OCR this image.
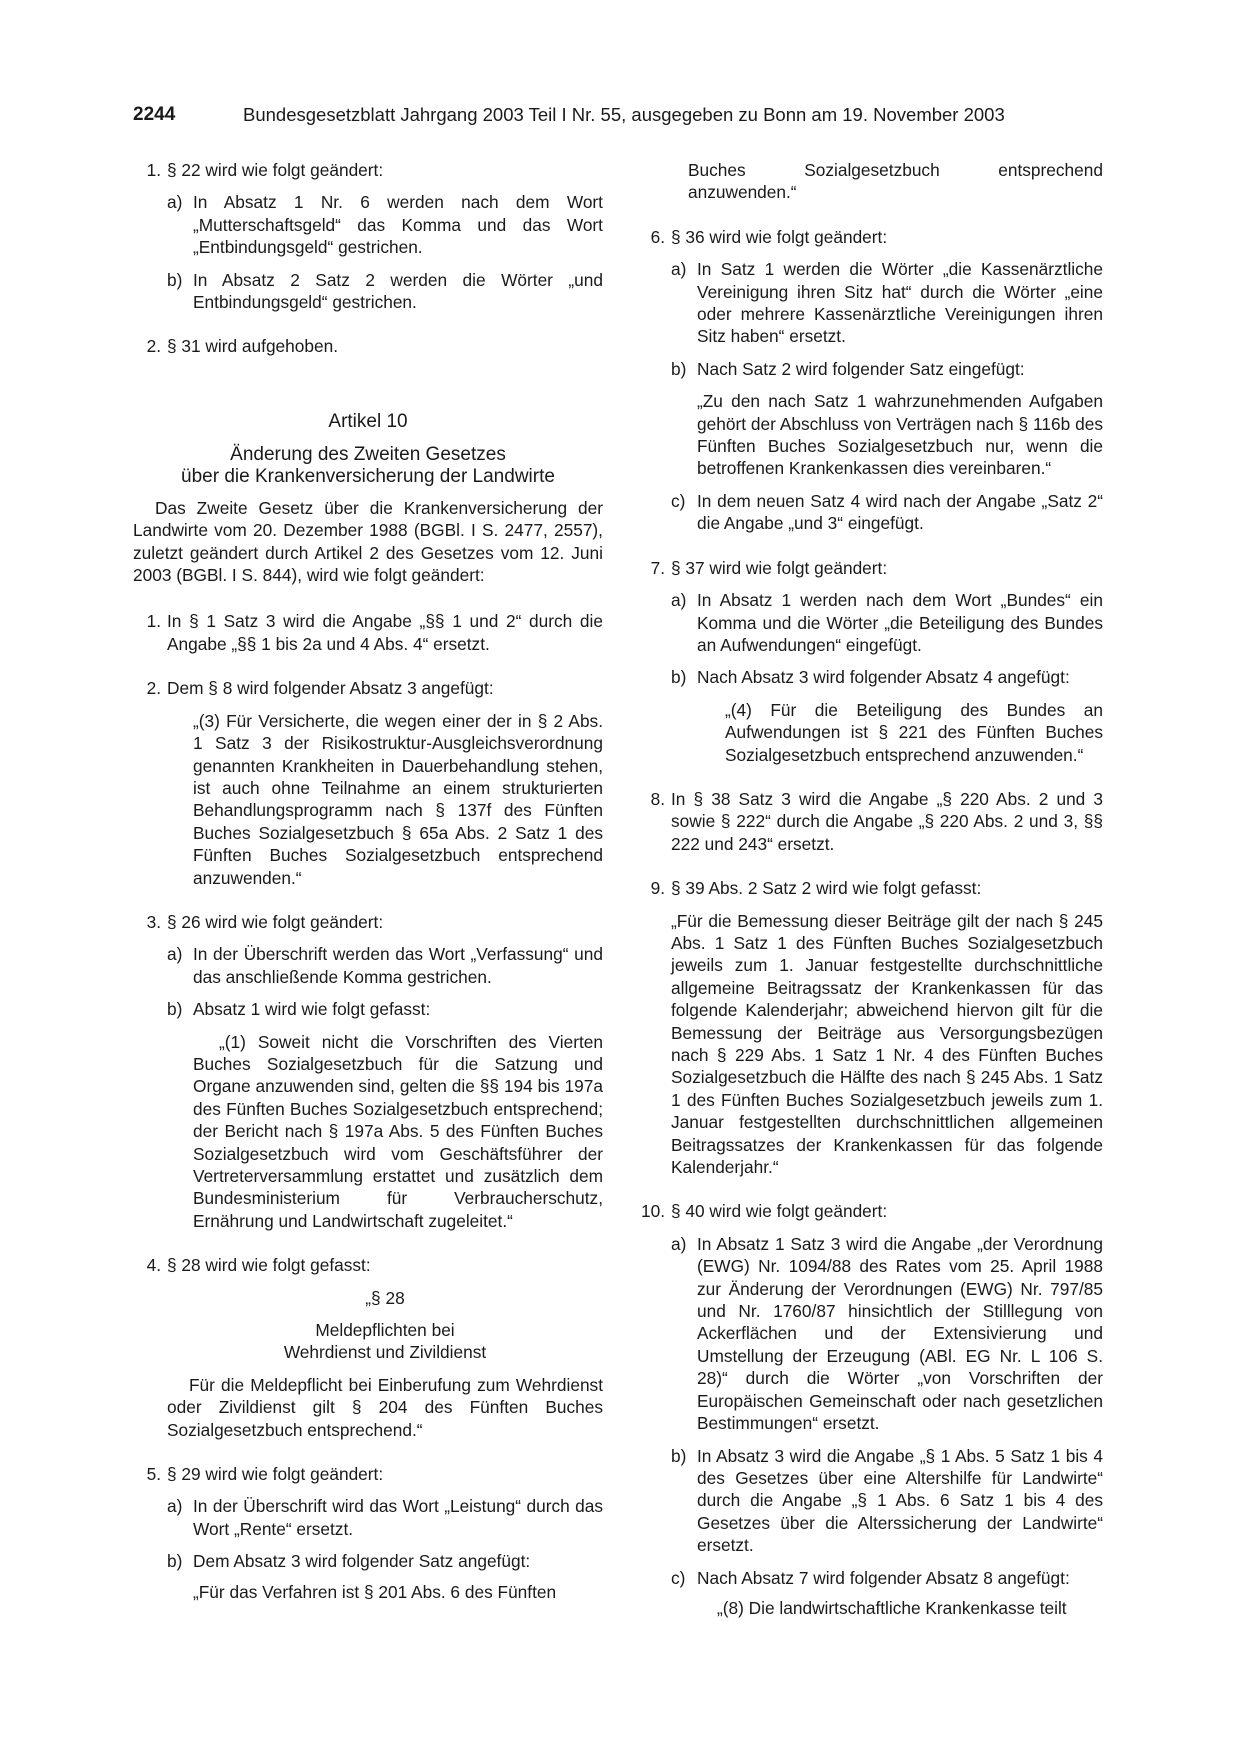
2244	Bundesgesetzblatt Jahrgang 2003 Teil I Nr. 55, ausgegeben zu Bonn am 19. November 2003
1. § 22 wird wie folgt geändert:

a) In Absatz 1 Nr. 6 werden nach dem Wort „Mutterschaftsgeld“ das Komma und das Wort „Entbindungsgeld“ gestrichen.

b) In Absatz 2 Satz 2 werden die Wörter „und Entbindungsgeld“ gestrichen.

2. § 31 wird aufgehoben.

Artikel 10

Änderung des Zweiten Gesetzes

über die Krankenversicherung der Landwirte

Das Zweite Gesetz über die Krankenversicherung der Landwirte vom 20. Dezember 1988 (BGBl. I S. 2477, 2557), zuletzt geändert durch Artikel 2 des Gesetzes vom 12. Juni 2003 (BGBl. I S. 844), wird wie folgt geändert:

1. In § 1 Satz 3 wird die Angabe „§§ 1 und 2“ durch die Angabe „§§ 1 bis 2a und 4 Abs. 4“ ersetzt.

2. Dem § 8 wird folgender Absatz 3 angefügt:

„(3) Für Versicherte, die wegen einer der in § 2 Abs. 1 Satz 3 der Risikostruktur-Ausgleichsverordnung genannten Krankheiten in Dauerbehandlung stehen, ist auch ohne Teilnahme an einem strukturierten Behandlungsprogramm nach § 137f des Fünften Buches Sozialgesetzbuch § 65a Abs. 2 Satz 1 des Fünften Buches Sozialgesetzbuch entsprechend anzuwenden.“

3. § 26 wird wie folgt geändert:

a) In der Überschrift werden das Wort „Verfassung“ und das anschließende Komma gestrichen.

b) Absatz 1 wird wie folgt gefasst:

„(1) Soweit nicht die Vorschriften des Vierten Buches Sozialgesetzbuch für die Satzung und Organe anzuwenden sind, gelten die §§ 194 bis 197a des Fünften Buches Sozialgesetzbuch entsprechend; der Bericht nach § 197a Abs. 5 des Fünften Buches Sozialgesetzbuch wird vom Geschäftsführer der Vertreterversammlung erstattet und zusätzlich dem Bundesministerium für Verbraucherschutz, Ernährung und Landwirtschaft zugeleitet.“

4. § 28 wird wie folgt gefasst:

„§ 28

Meldepflichten bei

Wehrdienst und Zivildienst

Für die Meldepflicht bei Einberufung zum Wehrdienst oder Zivildienst gilt § 204 des Fünften Buches Sozialgesetzbuch entsprechend.“

5. § 29 wird wie folgt geändert:

a) In der Überschrift wird das Wort „Leistung“ durch das Wort „Rente“ ersetzt.

b) Dem Absatz 3 wird folgender Satz angefügt:

„Für das Verfahren ist § 201 Abs. 6 des Fünften

Buches Sozialgesetzbuch entsprechend anzuwenden.“

6. § 36 wird wie folgt geändert:

a) In Satz 1 werden die Wörter „die Kassenärztliche Vereinigung ihren Sitz hat“ durch die Wörter „eine oder mehrere Kassenärztliche Vereinigungen ihren Sitz haben“ ersetzt.

b) Nach Satz 2 wird folgender Satz eingefügt:

„Zu den nach Satz 1 wahrzunehmenden Aufgaben gehört der Abschluss von Verträgen nach § 116b des Fünften Buches Sozialgesetzbuch nur, wenn die betroffenen Krankenkassen dies vereinbaren.“

c) In dem neuen Satz 4 wird nach der Angabe „Satz 2“ die Angabe „und 3“ eingefügt.

7. § 37 wird wie folgt geändert:

a) In Absatz 1 werden nach dem Wort „Bundes“ ein Komma und die Wörter „die Beteiligung des Bundes an Aufwendungen“ eingefügt.

b) Nach Absatz 3 wird folgender Absatz 4 angefügt:

„(4) Für die Beteiligung des Bundes an Aufwendungen ist § 221 des Fünften Buches Sozialgesetzbuch entsprechend anzuwenden.“

8. In § 38 Satz 3 wird die Angabe „§ 220 Abs. 2 und 3 sowie § 222“ durch die Angabe „§ 220 Abs. 2 und 3, §§ 222 und 243“ ersetzt.

9. § 39 Abs. 2 Satz 2 wird wie folgt gefasst:

„Für die Bemessung dieser Beiträge gilt der nach § 245 Abs. 1 Satz 1 des Fünften Buches Sozialgesetzbuch jeweils zum 1. Januar festgestellte durchschnittliche allgemeine Beitragssatz der Krankenkassen für das folgende Kalenderjahr; abweichend hiervon gilt für die Bemessung der Beiträge aus Versorgungsbezügen nach § 229 Abs. 1 Satz 1 Nr. 4 des Fünften Buches Sozialgesetzbuch die Hälfte des nach § 245 Abs. 1 Satz 1 des Fünften Buches Sozialgesetzbuch jeweils zum 1. Januar festgestellten durchschnittlichen allgemeinen Beitragssatzes der Krankenkassen für das folgende Kalenderjahr.“

10. § 40 wird wie folgt geändert:

a) In Absatz 1 Satz 3 wird die Angabe „der Verordnung (EWG) Nr. 1094/88 des Rates vom 25. April 1988 zur Änderung der Verordnungen (EWG) Nr. 797/85 und Nr. 1760/87 hinsichtlich der Stilllegung von Ackerflächen und der Extensivierung und Umstellung der Erzeugung (ABl. EG Nr. L 106 S. 28)“ durch die Wörter „von Vorschriften der Europäischen Gemeinschaft oder nach gesetzlichen Bestimmungen“ ersetzt.

b) In Absatz 3 wird die Angabe „§ 1 Abs. 5 Satz 1 bis 4 des Gesetzes über eine Altershilfe für Landwirte“ durch die Angabe „§ 1 Abs. 6 Satz 1 bis 4 des Gesetzes über die Alterssicherung der Landwirte“ ersetzt.

c) Nach Absatz 7 wird folgender Absatz 8 angefügt:

„(8) Die landwirtschaftliche Krankenkasse teilt
